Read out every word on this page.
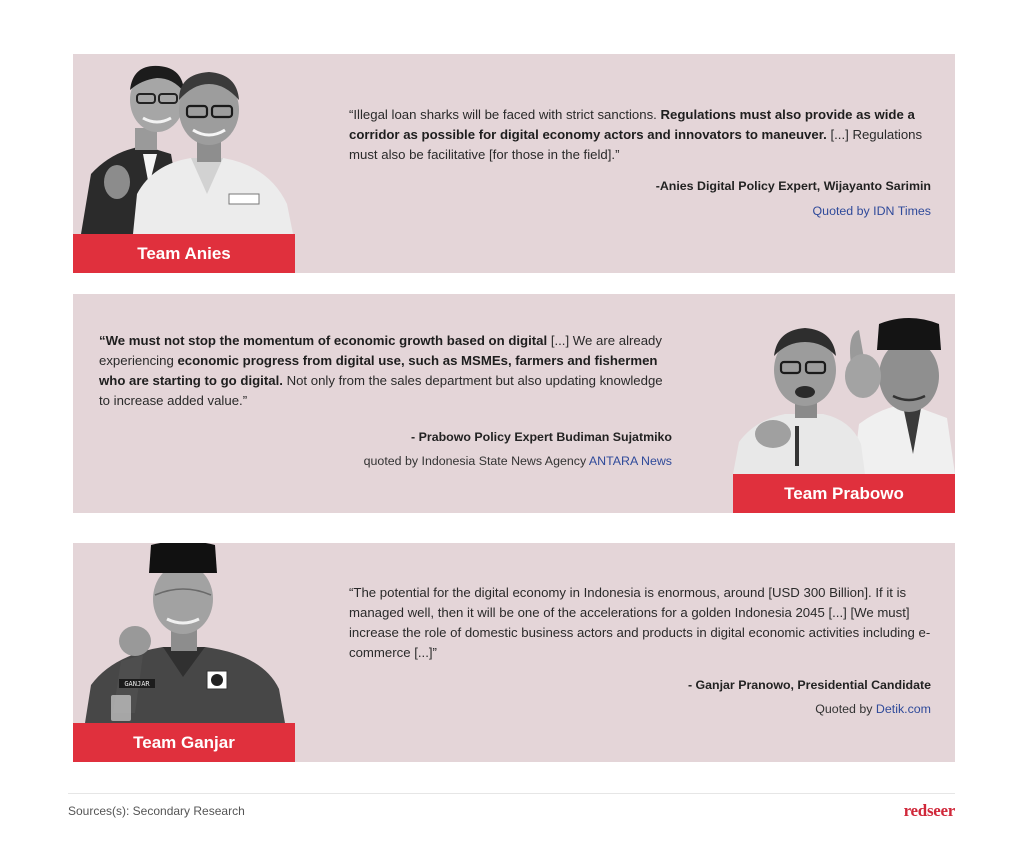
Team Anies

“Illegal loan sharks will be faced with strict sanctions. Regulations must also provide as wide a corridor as possible for digital economy actors and innovators to maneuver. [...] Regulations must also be facilitative [for those in the field].”

-Anies Digital Policy Expert, Wijayanto Sarimin
Quoted by IDN Times

“We must not stop the momentum of economic growth based on digital [...] We are already experiencing economic progress from digital use, such as MSMEs, farmers and fishermen who are starting to go digital. Not only from the sales department but also updating knowledge to increase added value.”

- Prabowo Policy Expert Budiman Sujatmiko
quoted by Indonesia State News Agency ANTARA News
Team Prabowo
GANJAR
Team Ganjar

“The potential for the digital economy in Indonesia is enormous, around [USD 300 Billion]. If it is managed well, then it will be one of the accelerations for a golden Indonesia 2045 [...] [We must] increase the role of domestic business actors and products in digital economic activities including e-commerce [...]”

- Ganjar Pranowo, Presidential Candidate
Quoted by Detik.com
Sources(s): Secondary Research	redseer
